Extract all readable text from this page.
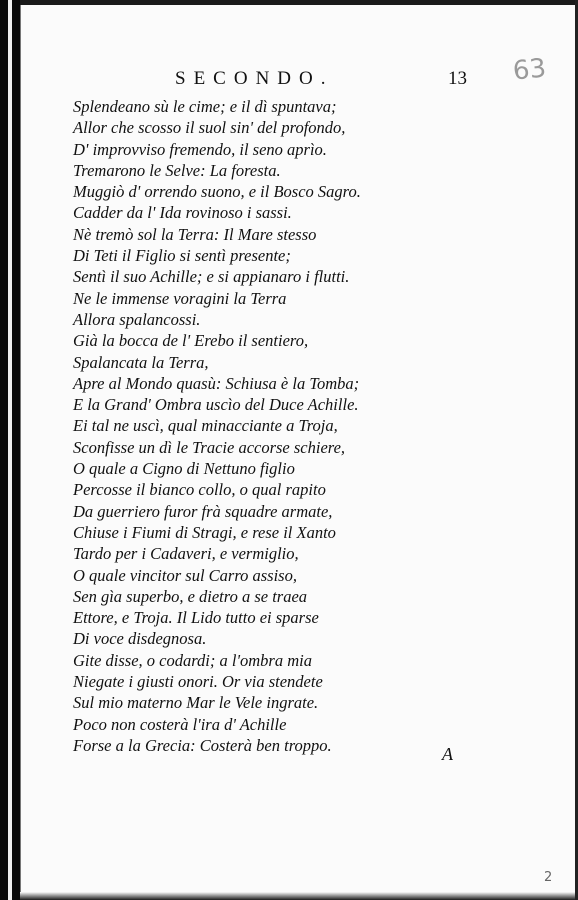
SECONDO.	13 63
Splendeano sù le cime; e il dì spuntava;
Allor che scosso il suol sin' del profondo,
D' improvviso fremendo, il seno aprìo.
Tremarono le Selve: La foresta.
Muggiò d' orrendo suono, e il Bosco Sagro.
Cadder da l' Ida rovinoso i sassi.
Nè tremò sol la Terra: Il Mare stesso
Di Teti il Figlio si sentì presente;
Sentì il suo Achille; e si appianaro i flutti.
Ne le immense voragini la Terra
Allora spalancossi.
Già la bocca de l' Erebo il sentiero,
Spalancata la Terra,
Apre al Mondo quasù: Schiusa è la Tomba;
E la Grand' Ombra uscìo del Duce Achille.
Ei tal ne uscì, qual minacciante a Troja,
Sconfisse un dì le Tracie accorse schiere,
O quale a Cigno di Nettuno figlio
Percosse il bianco collo, o qual rapito
Da guerriero furor frà squadre armate,
Chiuse i Fiumi di Stragi, e rese il Xanto
Tardo per i Cadaveri, e vermiglio,
O quale vincitor sul Carro assiso,
Sen gìa superbo, e dietro a se traea
Ettore, e Troja. Il Lido tutto ei sparse
Di voce disdegnosa.
Gite disse, o codardi; a l'ombra mia
Niegate i giusti onori. Or via stendete
Sul mio materno Mar le Vele ingrate.
Poco non costerà l'ira d' Achille
Forse a la Grecia: Costerà ben troppo.	A
2
